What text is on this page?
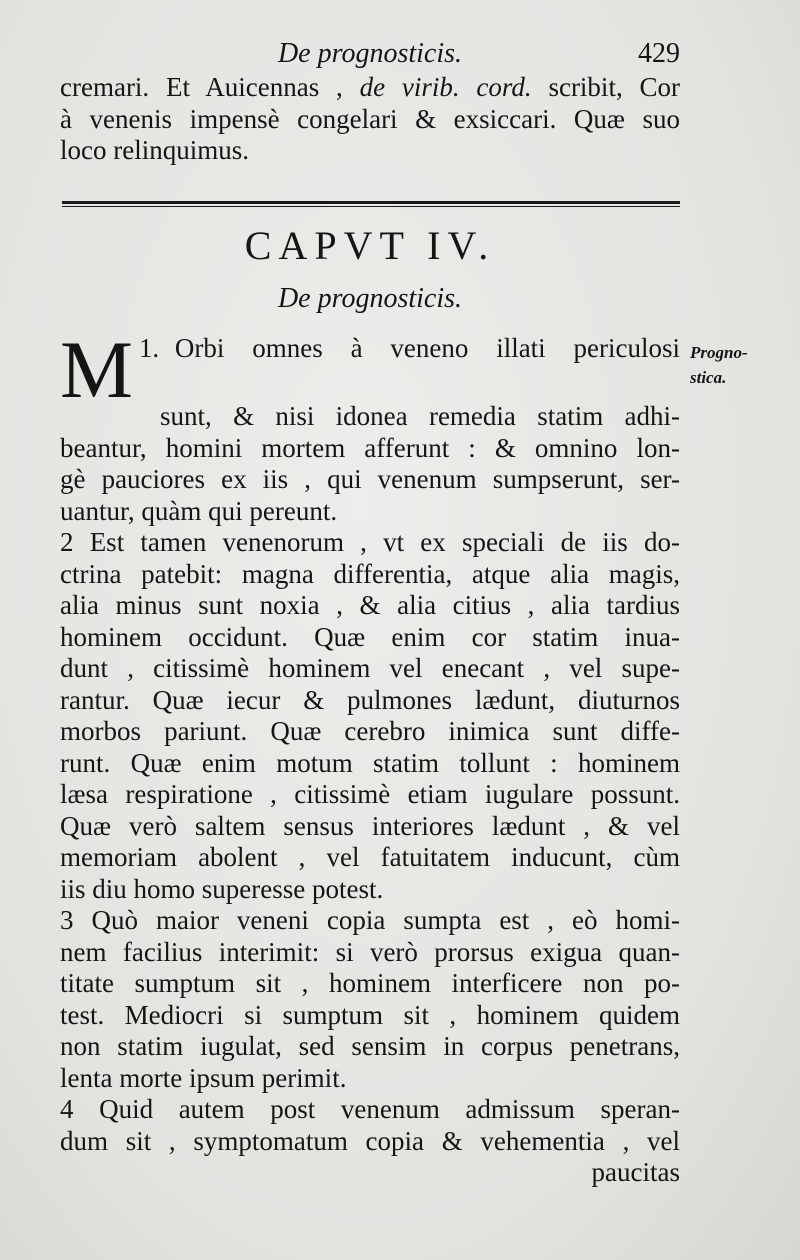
De prognosticis.	429
cremari. Et Auicennas , de virib. cord. scribit, Cor
à venenis impensè congelari & exsiccari. Quæ suo
loco relinquimus.
CAPVT IV.
De prognosticis.
Progno-
stica.
1.
M Orbi omnes à veneno illati periculosi
sunt, & nisi idonea remedia statim adhi-
beantur, homini mortem afferunt : & omnino lon-
gè pauciores ex iis , qui venenum sumpserunt, ser-
uantur, quàm qui pereunt.
2 Est tamen venenorum , vt ex speciali de iis do-
ctrina patebit: magna differentia, atque alia magis,
alia minus sunt noxia , & alia citius , alia tardius
hominem occidunt. Quæ enim cor statim inua-
dunt , citissimè hominem vel enecant , vel supe-
rantur. Quæ iecur & pulmones lædunt, diuturnos
morbos pariunt. Quæ cerebro inimica sunt diffe-
runt. Quæ enim motum statim tollunt : hominem
læsa respiratione , citissimè etiam iugulare possunt.
Quæ verò saltem sensus interiores lædunt , & vel
memoriam abolent , vel fatuitatem inducunt, cùm
iis diu homo superesse potest.
3 Quò maior veneni copia sumpta est , eò homi-
nem facilius interimit: si verò prorsus exigua quan-
titate sumptum sit , hominem interficere non po-
test. Mediocri si sumptum sit , hominem quidem
non statim iugulat, sed sensim in corpus penetrans,
lenta morte ipsum perimit.
4 Quid autem post venenum admissum speran-
dum sit , symptomatum copia & vehementia , vel
paucitas
